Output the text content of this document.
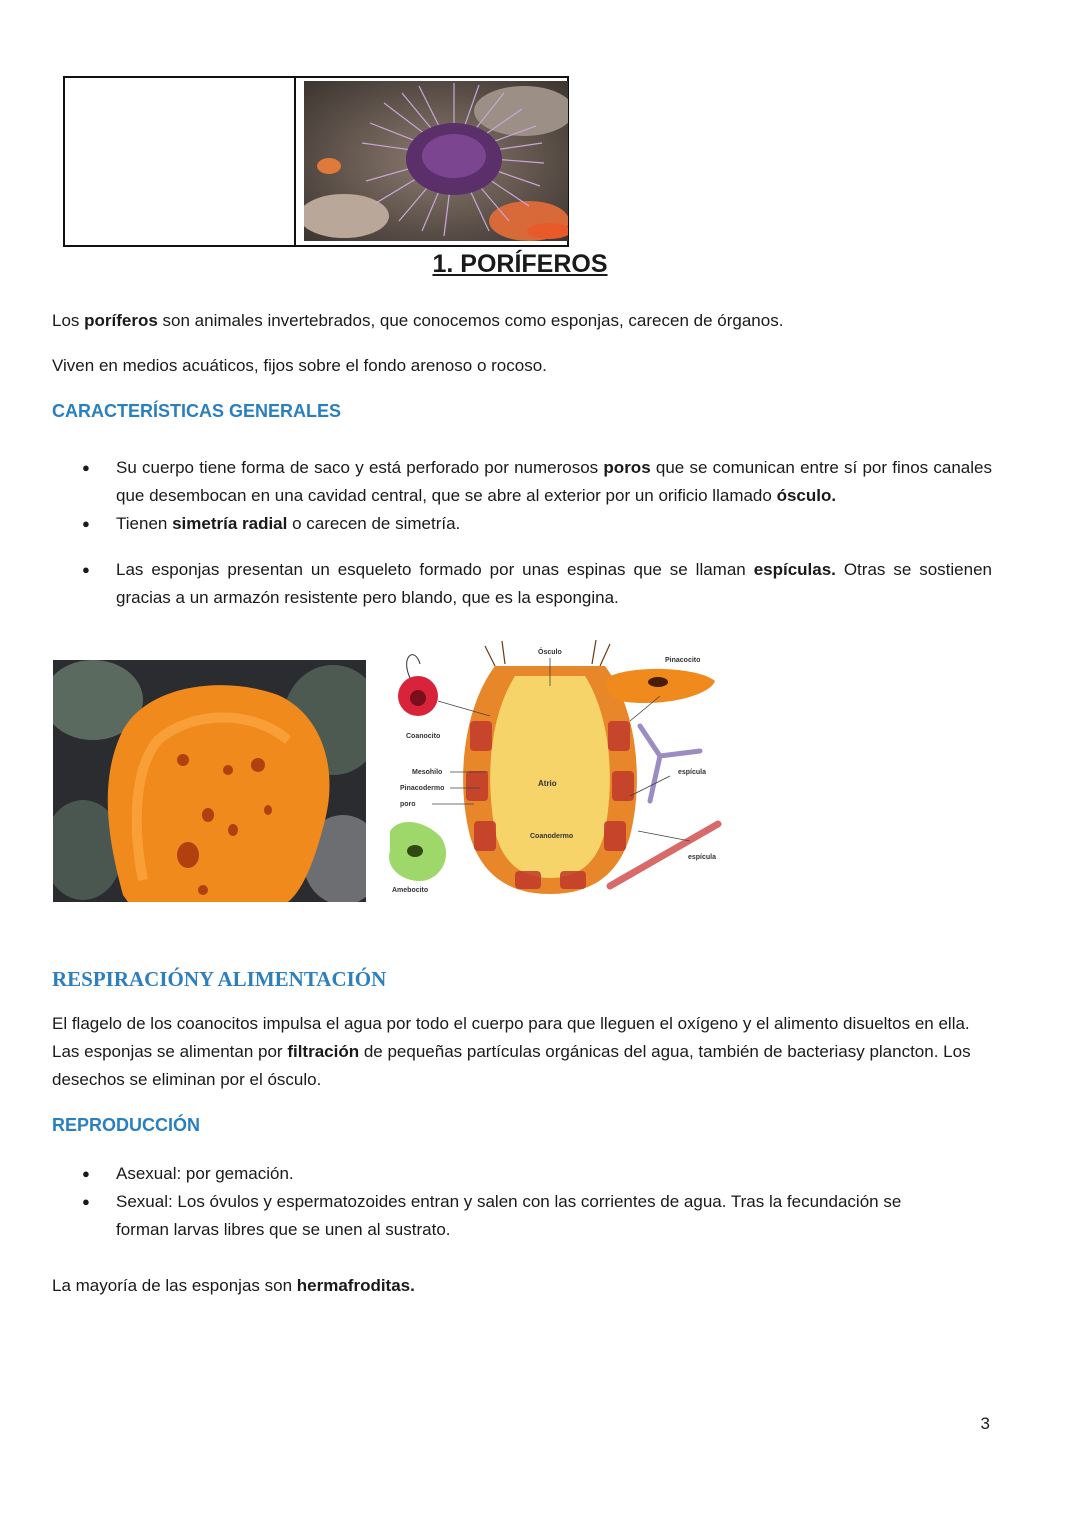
1. PORÍFEROS

Los poríferos son animales invertebrados, que conocemos como esponjas, carecen de órganos.

Viven en medios acuáticos, fijos sobre el fondo arenoso o rocoso.

CARACTERÍSTICAS GENERALES
● Su cuerpo tiene forma de saco y está perforado por numerosos poros que se comunican entre sí por finos canales que desembocan en una cavidad central, que se abre al exterior por un orificio llamado ósculo.
● Tienen simetría radial o carecen de simetría.
● Las esponjas presentan un esqueleto formado por unas espinas que se llaman espículas. Otras se sostienen gracias a un armazón resistente pero blando, que es la espongina.
Ósculo
Pinacocito
Coanocito
Mesohilo
Pinacodermo
poro
Atrio
Coanodermo
espícula
espícula
Amebocito
RESPIRACIÓNY ALIMENTACIÓN

El flagelo de los coanocitos impulsa el agua por todo el cuerpo para que lleguen el oxígeno y el alimento disueltos en ella. Las esponjas se alimentan por filtración de pequeñas partículas orgánicas del agua, también de bacteriasy plancton. Los desechos se eliminan por el ósculo.

REPRODUCCIÓN
● Asexual: por gemación.
● Sexual: Los óvulos y espermatozoides entran y salen con las corrientes de agua. Tras la fecundación se forman larvas libres que se unen al sustrato.

La mayoría de las esponjas son hermafroditas.

3
